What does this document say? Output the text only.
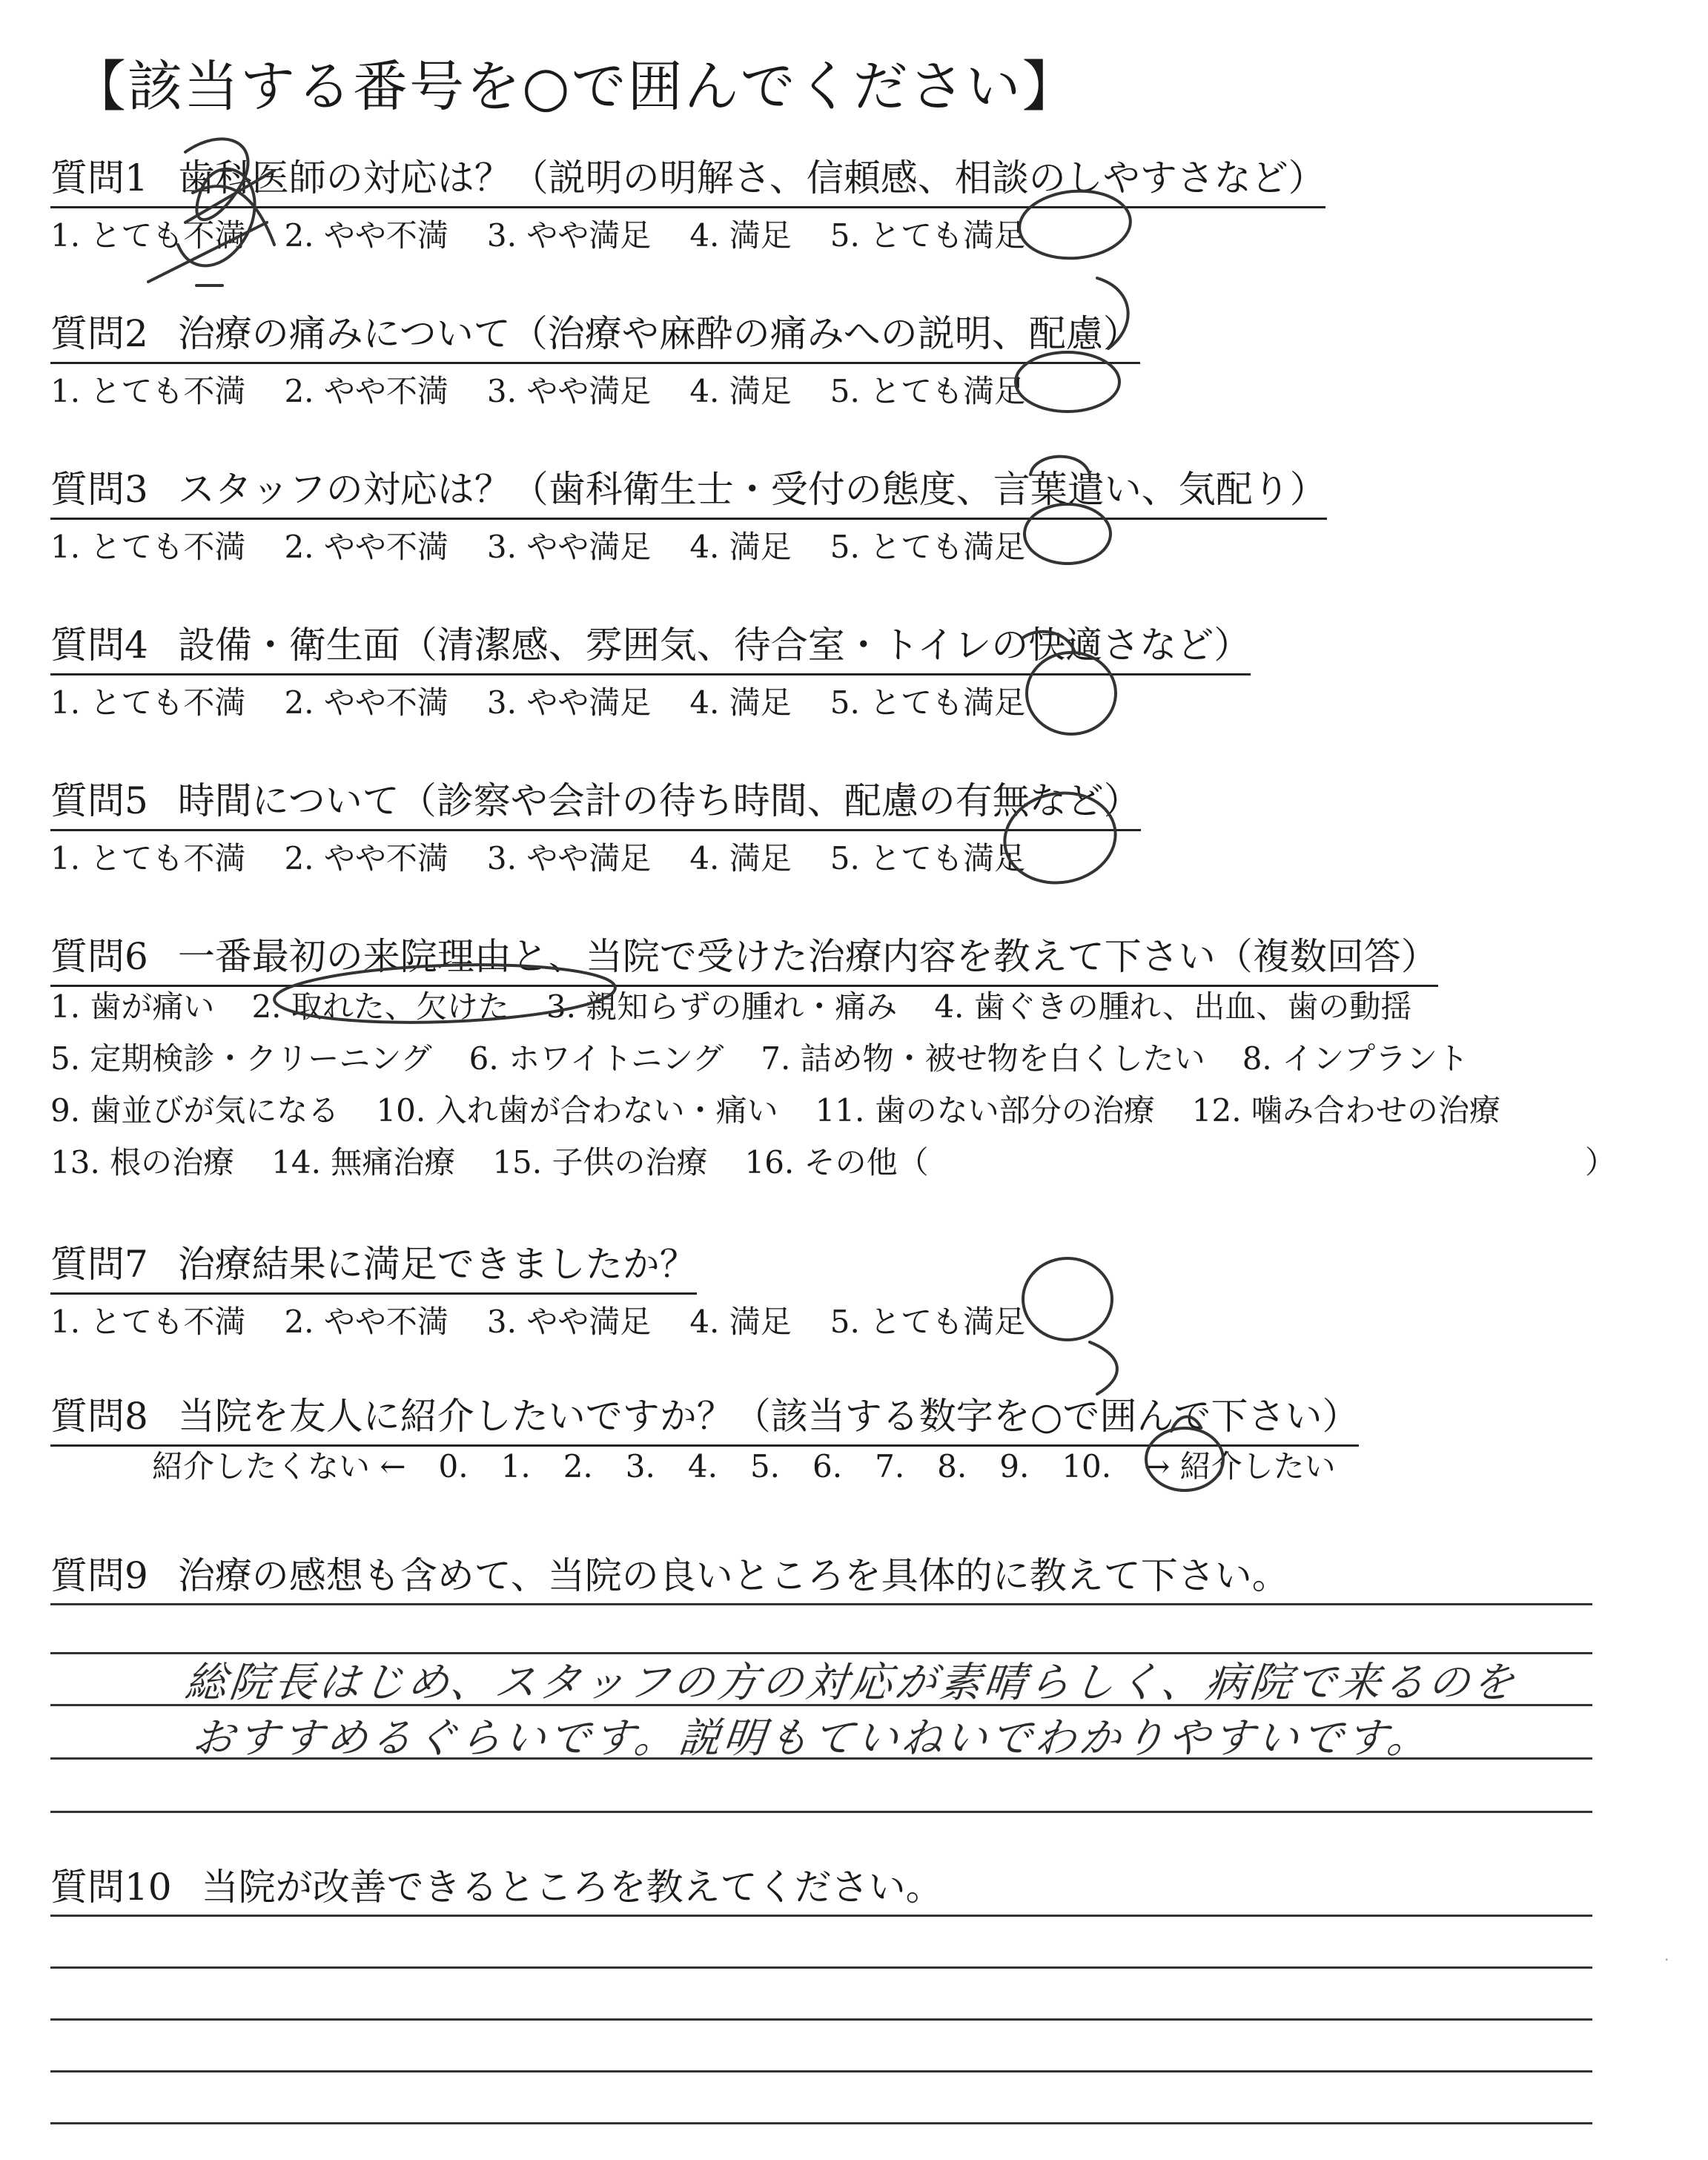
【該当する番号を○で囲んでください】
質問1 歯科医師の対応は？（説明の明解さ、信頼感、相談のしやすさなど）
1. とても不満 2. やや不満 3. やや満足 4. 満足 5. とても満足
質問2 治療の痛みについて（治療や麻酔の痛みへの説明、配慮）
1. とても不満 2. やや不満 3. やや満足 4. 満足 5. とても満足
質問3 スタッフの対応は？（歯科衛生士・受付の態度、言葉遣い、気配り）
1. とても不満 2. やや不満 3. やや満足 4. 満足 5. とても満足
質問4 設備・衛生面（清潔感、雰囲気、待合室・トイレの快適さなど）
1. とても不満 2. やや不満 3. やや満足 4. 満足 5. とても満足
質問5 時間について（診察や会計の待ち時間、配慮の有無など）
1. とても不満 2. やや不満 3. やや満足 4. 満足 5. とても満足
質問6 一番最初の来院理由と、当院で受けた治療内容を教えて下さい（複数回答）
1. 歯が痛い 2. 取れた、欠けた 3. 親知らずの腫れ・痛み 4. 歯ぐきの腫れ、出血、歯の動揺
5. 定期検診・クリーニング 6. ホワイトニング 7. 詰め物・被せ物を白くしたい 8. インプラント
9. 歯並びが気になる 10. 入れ歯が合わない・痛い 11. 歯のない部分の治療 12. 噛み合わせの治療
13. 根の治療 14. 無痛治療 15. 子供の治療 16. その他（	）
質問7 治療結果に満足できましたか？
1. とても不満 2. やや不満 3. やや満足 4. 満足 5. とても満足
質問8 当院を友人に紹介したいですか？（該当する数字を○で囲んで下さい）
紹介したくない ← 0. 1. 2. 3. 4. 5. 6. 7. 8. 9. 10. → 紹介したい
質問9 治療の感想も含めて、当院の良いところを具体的に教えて下さい。
総院長はじめ、スタッフの方の対応が素晴らしく、病院で来るのを
おすすめるぐらいです。説明もていねいでわかりやすいです。
質問10 当院が改善できるところを教えてください。
·
